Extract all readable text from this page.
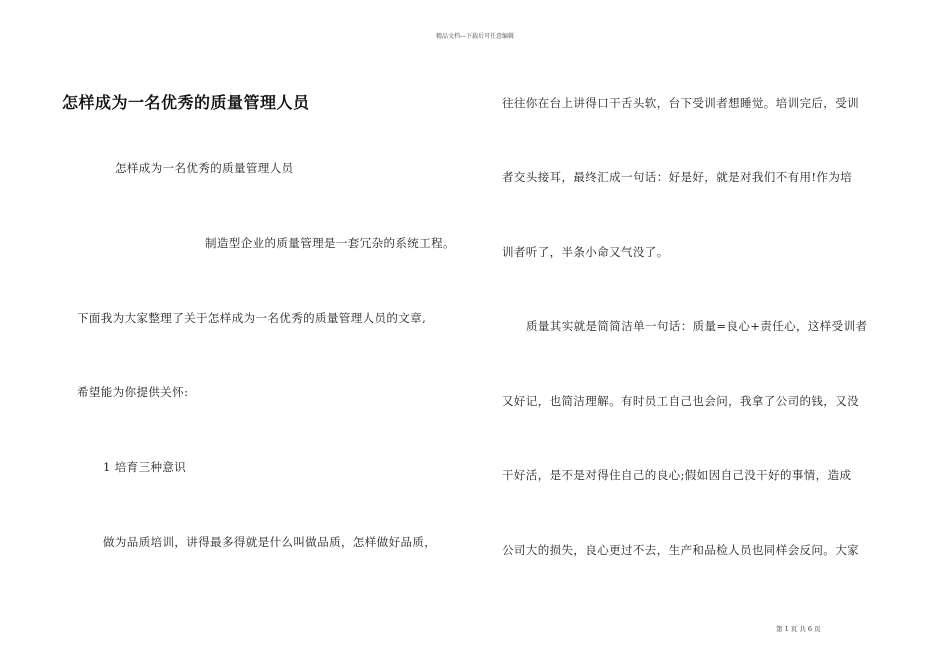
精品文档---下载后可任意编辑
怎样成为一名优秀的质量管理人员
怎样成为一名优秀的质量管理人员
制造型企业的质量管理是一套冗杂的系统工程。
下面我为大家整理了关于怎样成为一名优秀的质量管理人员的文章,
希望能为你提供关怀:
1 培育三种意识
做为品质培训，讲得最多得就是什么叫做品质，怎样做好品质，
往往你在台上讲得口干舌头软，台下受训者想睡觉。培训完后，受训
者交头接耳，最终汇成一句话：好是好，就是对我们不有用!作为培
训者听了，半条小命又气没了。
质量其实就是简简洁单一句话：质量=良心+责任心，这样受训者
又好记，也简洁理解。有时员工自己也会问，我拿了公司的钱，又没
干好活，是不是对得住自己的良心;假如因自己没干好的事情，造成
公司大的损失，良心更过不去，生产和品检人员也同样会反问。大家
第 1 页 共 6 页
